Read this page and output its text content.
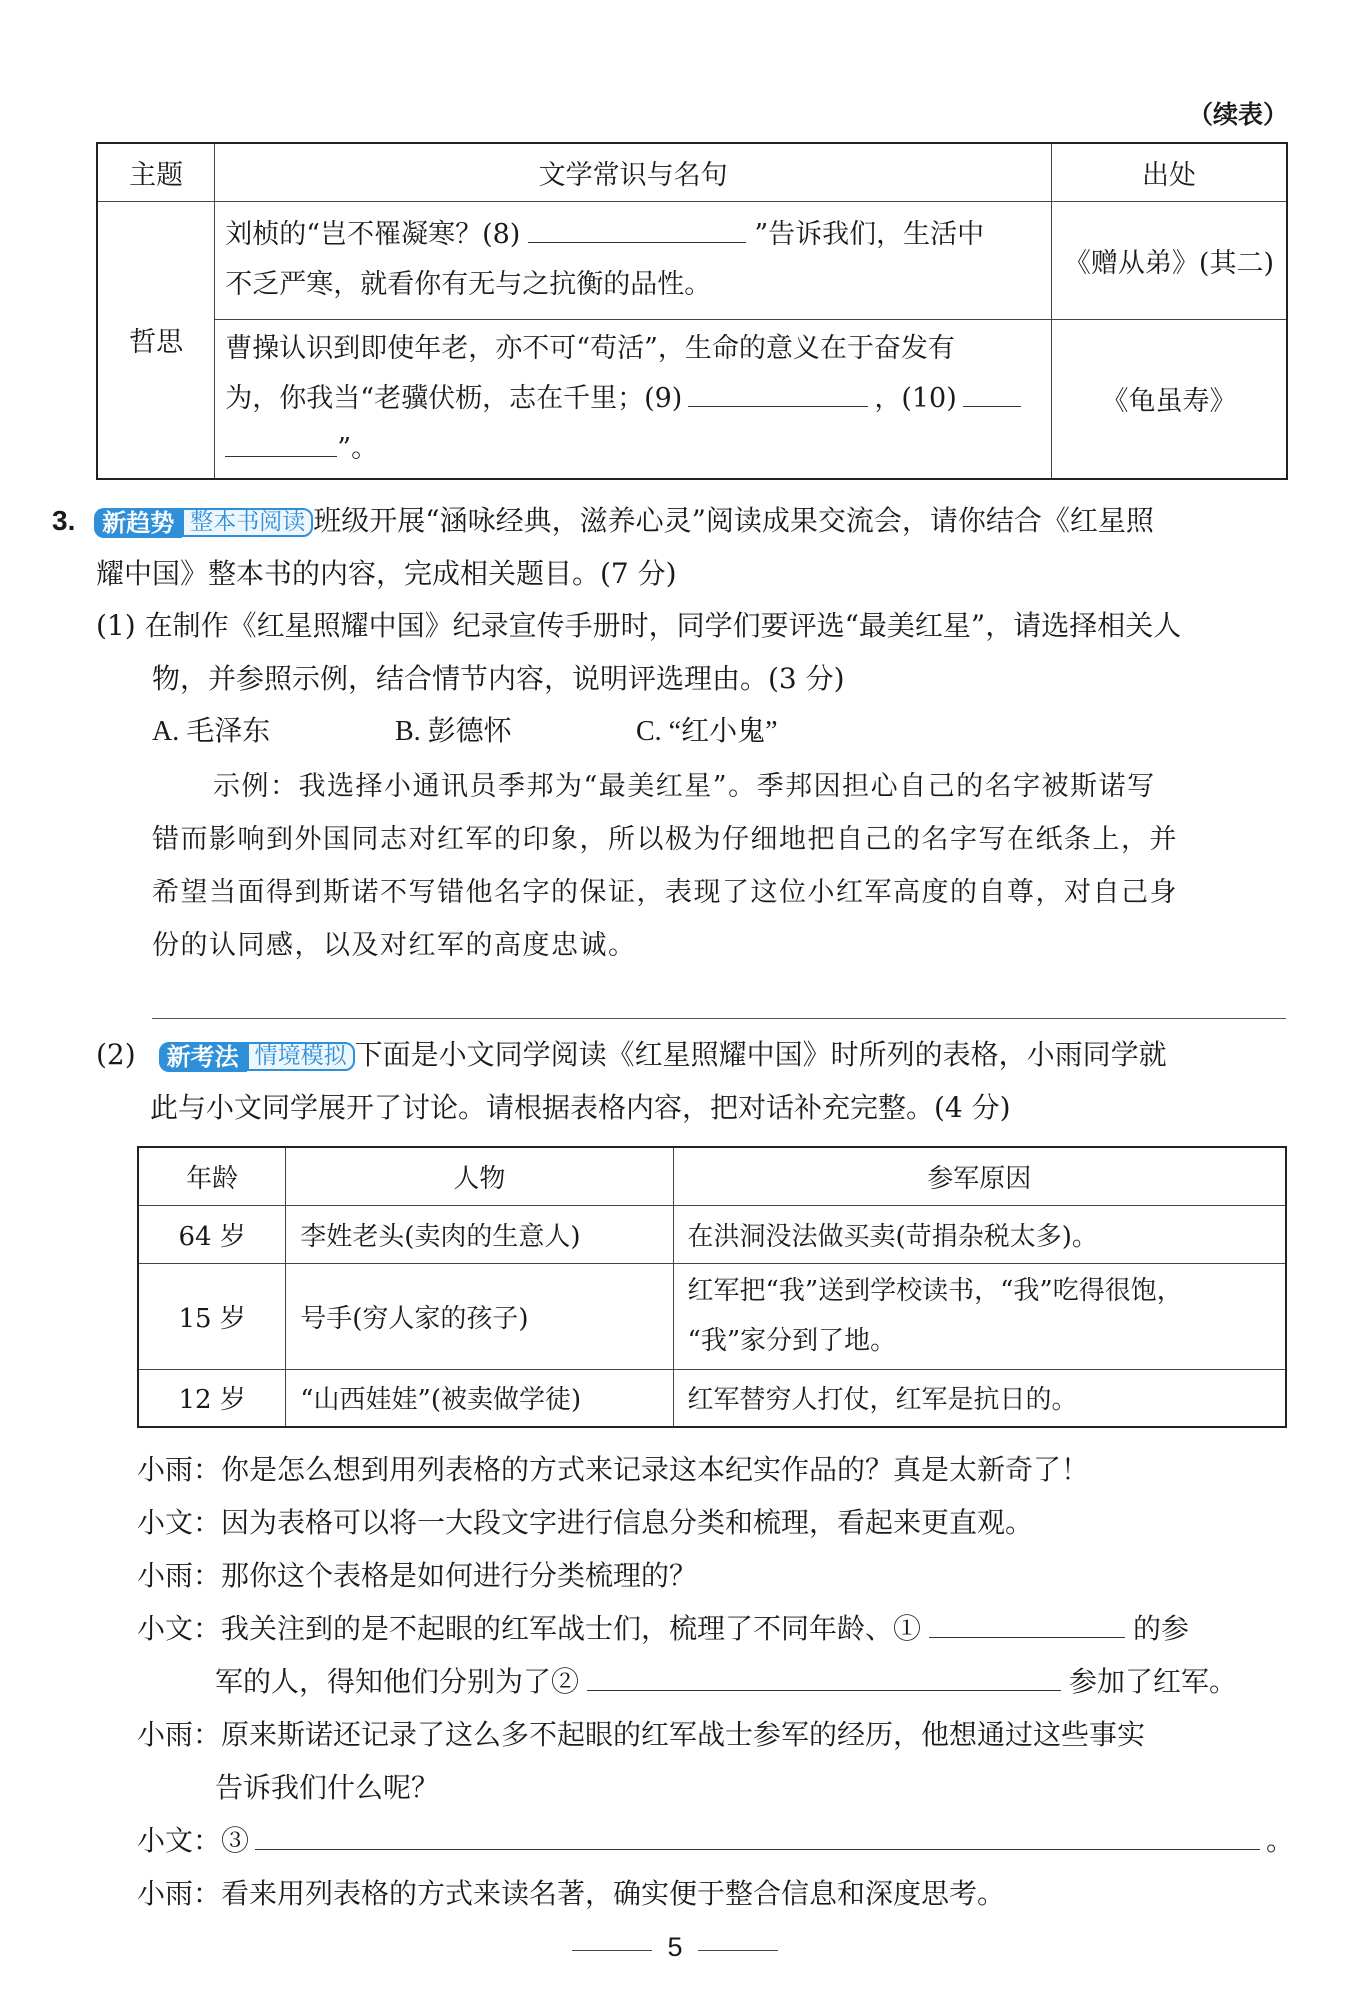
（续表）
主题	文学常识与名句	出处
哲思	刘桢的“岂不罹凝寒？(8) ”告诉我们，生活中
不乏严寒，就看你有无与之抗衡的品性。	《赠从弟》(其二)

	曹操认识到即使年老，亦不可“苟活”，生命的意义在于奋发有
为，你我当“老骥伏枥，志在千里；(9) ，(10)
”。	《龟虽寿》
3. 新趋势 整本书阅读 班级开展“涵咏经典，滋养心灵”阅读成果交流会，请你结合《红星照
耀中国》整本书的内容，完成相关题目。(7 分)
(1) 在制作《红星照耀中国》纪录宣传手册时，同学们要评选“最美红星”，请选择相关人
物，并参照示例，结合情节内容，说明评选理由。(3 分)
A. 毛泽东	B. 彭德怀	C. “红小鬼”
示例：我选择小通讯员季邦为“最美红星”。季邦因担心自己的名字被斯诺写
错而影响到外国同志对红军的印象，所以极为仔细地把自己的名字写在纸条上，并
希望当面得到斯诺不写错他名字的保证，表现了这位小红军高度的自尊，对自己身
份的认同感，以及对红军的高度忠诚。
(2) 新考法 情境模拟 下面是小文同学阅读《红星照耀中国》时所列的表格，小雨同学就
此与小文同学展开了讨论。请根据表格内容，把对话补充完整。(4 分)
年龄	人物	参军原因
64 岁	李姓老头(卖肉的生意人)	在洪洞没法做买卖(苛捐杂税太多)。
15 岁	号手(穷人家的孩子)	红军把“我”送到学校读书，“我”吃得很饱，
“我”家分到了地。

12 岁	“山西娃娃”(被卖做学徒)	红军替穷人打仗，红军是抗日的。
小雨：你是怎么想到用列表格的方式来记录这本纪实作品的？真是太新奇了！
小文：因为表格可以将一大段文字进行信息分类和梳理，看起来更直观。
小雨：那你这个表格是如何进行分类梳理的？
小文：我关注到的是不起眼的红军战士们，梳理了不同年龄、①	的参
军的人，得知他们分别为了②	参加了红军。
小雨：原来斯诺还记录了这么多不起眼的红军战士参军的经历，他想通过这些事实
告诉我们什么呢？
小文：③	。
小雨：看来用列表格的方式来读名著，确实便于整合信息和深度思考。
5
